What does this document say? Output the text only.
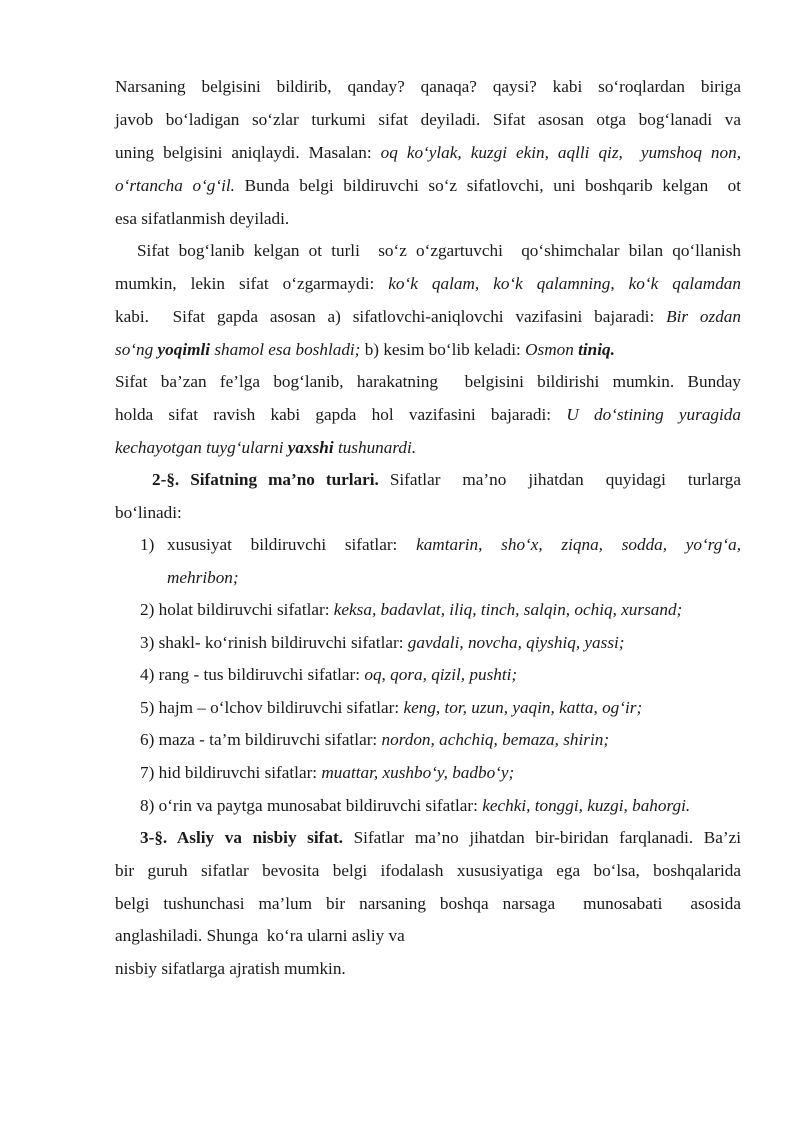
Narsaning belgisini bildirib, qanday? qanaqa? qaysi? kabi so‘roqlardan biriga
javob bo‘ladigan so‘zlar turkumi sifat deyiladi. Sifat asosan otga bog‘lanadi va
uning belgisini aniqlaydi. Masalan: oq ko‘ylak, kuzgi ekin, aqlli qiz,  yumshoq non,
o‘rtancha o‘g‘il. Bunda belgi bildiruvchi so‘z sifatlovchi, uni boshqarib kelgan  ot
esa sifatlanmish deyiladi.
Sifat bog‘lanib kelgan ot turli  so‘z o‘zgartuvchi  qo‘shimchalar bilan qo‘llanish
mumkin, lekin sifat o‘zgarmaydi: ko‘k qalam, ko‘k qalamning, ko‘k qalamdan
kabi.  Sifat gapda asosan a) sifatlovchi-aniqlovchi vazifasini bajaradi: Bir ozdan
so‘ng yoqimli shamol esa boshladi; b) kesim bo‘lib keladi: Osmon tiniq.
Sifat ba’zan fe’lga bog‘lanib, harakatning  belgisini bildirishi mumkin. Bunday
holda sifat ravish kabi gapda hol vazifasini bajaradi: U do‘stining yuragida
kechayotgan tuyg‘ularni yaxshi tushunardi.
2-§. Sifatning ma’no turlari. Sifatlar  ma’no  jihatdan  quyidagi  turlarga
bo‘linadi:
1) xususiyat bildiruvchi sifatlar: kamtarin, sho‘x, ziqna, sodda, yo‘rg‘a,
mehribon;
2) holat bildiruvchi sifatlar: keksa, badavlat, iliq, tinch, salqin, ochiq, xursand;
3) shakl- ko‘rinish bildiruvchi sifatlar: gavdali, novcha, qiyshiq, yassi;
4) rang - tus bildiruvchi sifatlar: oq, qora, qizil, pushti;
5) hajm – o‘lchov bildiruvchi sifatlar: keng, tor, uzun, yaqin, katta, og‘ir;
6) maza - ta’m bildiruvchi sifatlar: nordon, achchiq, bemaza, shirin;
7) hid bildiruvchi sifatlar: muattar, xushbo‘y, badbo‘y;
8) o‘rin va paytga munosabat bildiruvchi sifatlar: kechki, tonggi, kuzgi, bahorgi.
3-§. Asliy va nisbiy sifat. Sifatlar ma’no jihatdan bir-biridan farqlanadi. Ba’zi
bir guruh sifatlar bevosita belgi ifodalash xususiyatiga ega bo‘lsa, boshqalarida
belgi tushunchasi ma’lum bir narsaning boshqa narsaga  munosabati  asosida
anglashiladi. Shunga  ko‘ra ularni asliy va
nisbiy sifatlarga ajratish mumkin.
